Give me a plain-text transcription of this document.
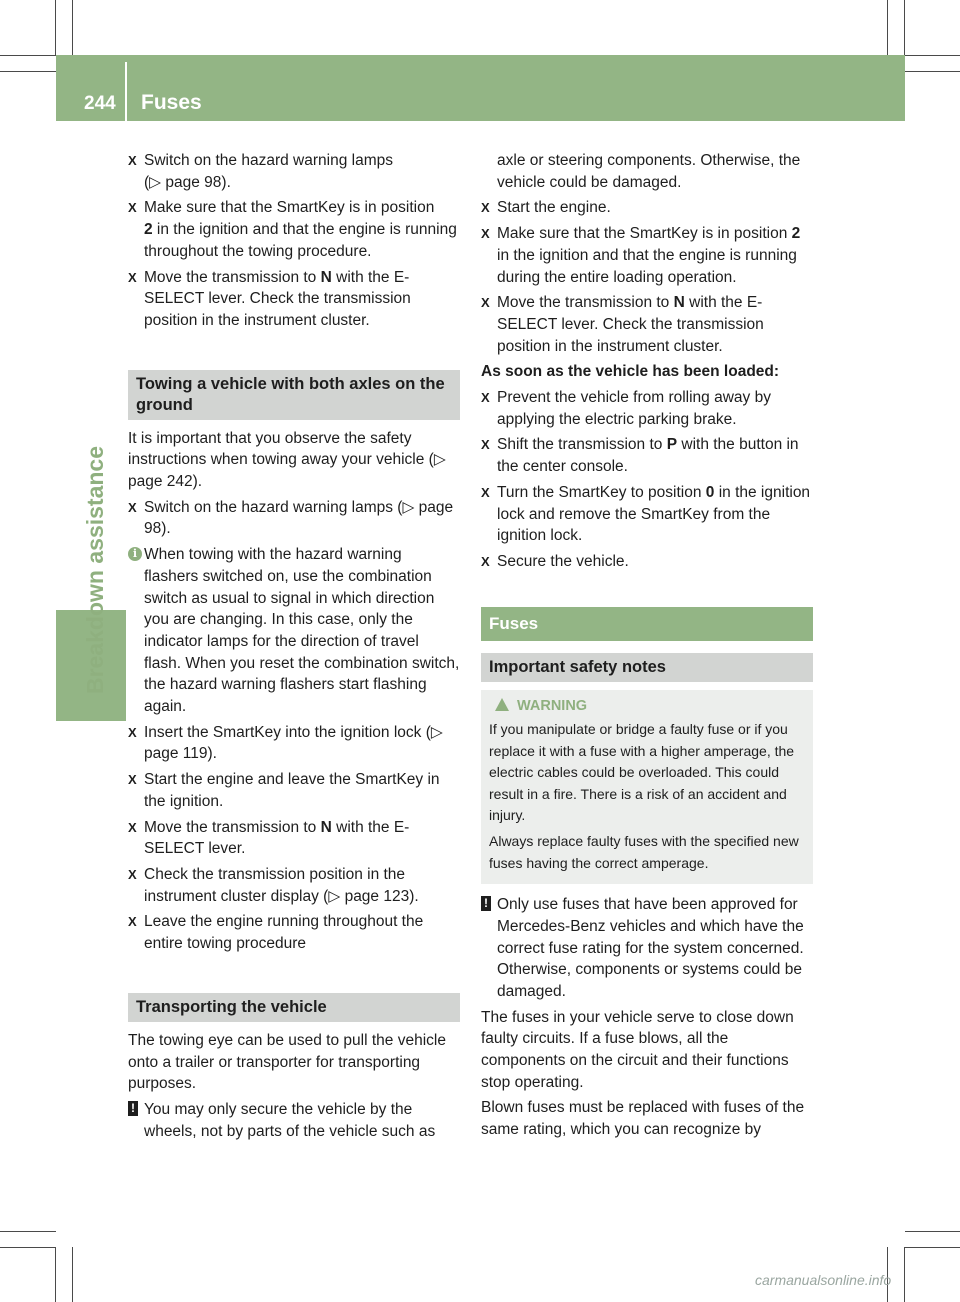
244 Fuses
Breakdown assistance
X Switch on the hazard warning lamps
(▷ page 98).
X Make sure that the SmartKey is in position
2 in the ignition and that the engine is running throughout the towing procedure.
X Move the transmission to N with the E-SELECT lever. Check the transmission position in the instrument cluster.
Towing a vehicle with both axles on the ground

It is important that you observe the safety instructions when towing away your vehicle (▷ page 242).

X Switch on the hazard warning lamps (▷ page 98).
i When towing with the hazard warning flashers switched on, use the combination switch as usual to signal in which direction you are changing. In this case, only the indicator lamps for the direction of travel flash. When you reset the combination switch, the hazard warning flashers start flashing again.
X Insert the SmartKey into the ignition lock (▷ page 119).
X Start the engine and leave the SmartKey in the ignition.
X Move the transmission to N with the E-SELECT lever.
X Check the transmission position in the instrument cluster display (▷ page 123).
X Leave the engine running throughout the entire towing procedure
Transporting the vehicle

The towing eye can be used to pull the vehicle onto a trailer or transporter for transporting purposes.

! You may only secure the vehicle by the wheels, not by parts of the vehicle such as
axle or steering components. Otherwise, the vehicle could be damaged.
X Start the engine.
X Make sure that the SmartKey is in position 2 in the ignition and that the engine is running during the entire loading operation.
X Move the transmission to N with the E-SELECT lever. Check the transmission position in the instrument cluster.

As soon as the vehicle has been loaded:

X Prevent the vehicle from rolling away by applying the electric parking brake.
X Shift the transmission to P with the button in the center console.
X Turn the SmartKey to position 0 in the ignition lock and remove the SmartKey from the ignition lock.
X Secure the vehicle.
Fuses
Important safety notes
WARNING

If you manipulate or bridge a faulty fuse or if you replace it with a fuse with a higher amperage, the electric cables could be overloaded. This could result in a fire. There is a risk of an accident and injury.

Always replace faulty fuses with the specified new fuses having the correct amperage.

! Only use fuses that have been approved for Mercedes-Benz vehicles and which have the correct fuse rating for the system concerned. Otherwise, components or systems could be damaged.

The fuses in your vehicle serve to close down faulty circuits. If a fuse blows, all the components on the circuit and their functions stop operating.

Blown fuses must be replaced with fuses of the same rating, which you can recognize by

carmanualsonline.info
